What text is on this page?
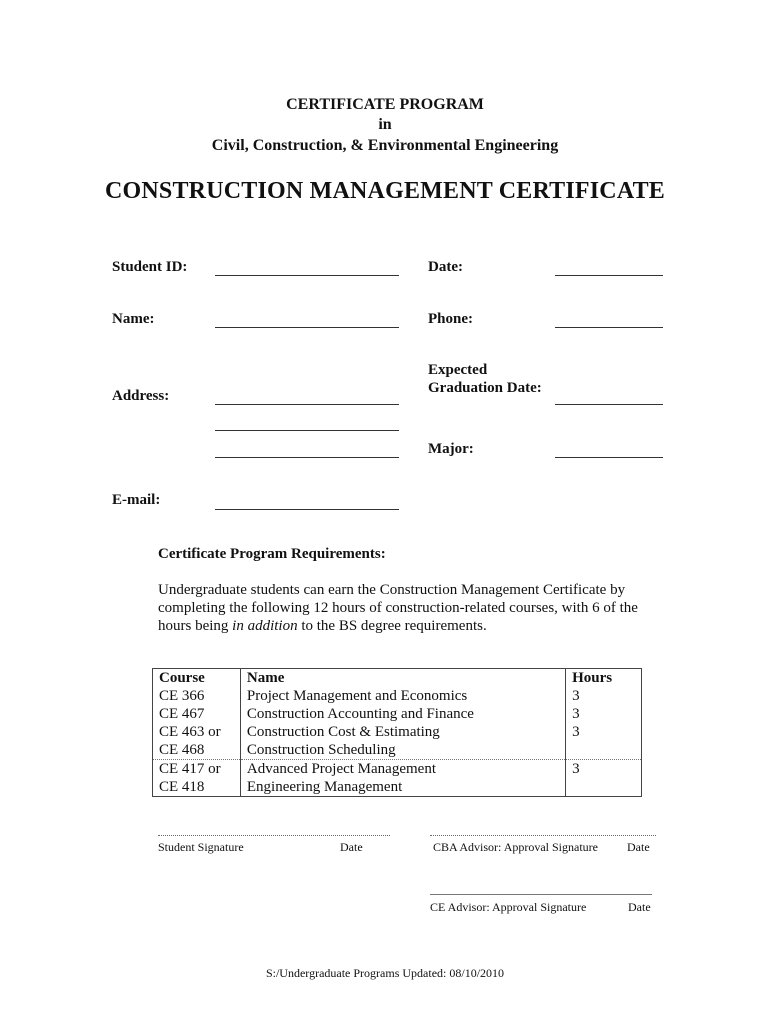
CERTIFICATE PROGRAM
in
Civil, Construction, & Environmental Engineering
CONSTRUCTION MANAGEMENT CERTIFICATE
Student ID:	Date:
Name:	Phone:
Expected
Graduation Date:
Address:
Major:
E-mail:
Certificate Program Requirements:
Undergraduate students can earn the Construction Management Certificate by completing the following 12 hours of construction-related courses, with 6 of the hours being in addition to the BS degree requirements.
Course	Name	Hours
CE 366	Project Management and Economics	3
CE 467	Construction Accounting and Finance	3
CE 463 or	Construction Cost & Estimating	3
CE 468	Construction Scheduling	
CE 417 or	Advanced Project Management	3
CE 418	Engineering Management	
Student Signature	Date	CBA Advisor: Approval Signature Date
CE Advisor: Approval Signature	Date
S:/Undergraduate Programs Updated: 08/10/2010
